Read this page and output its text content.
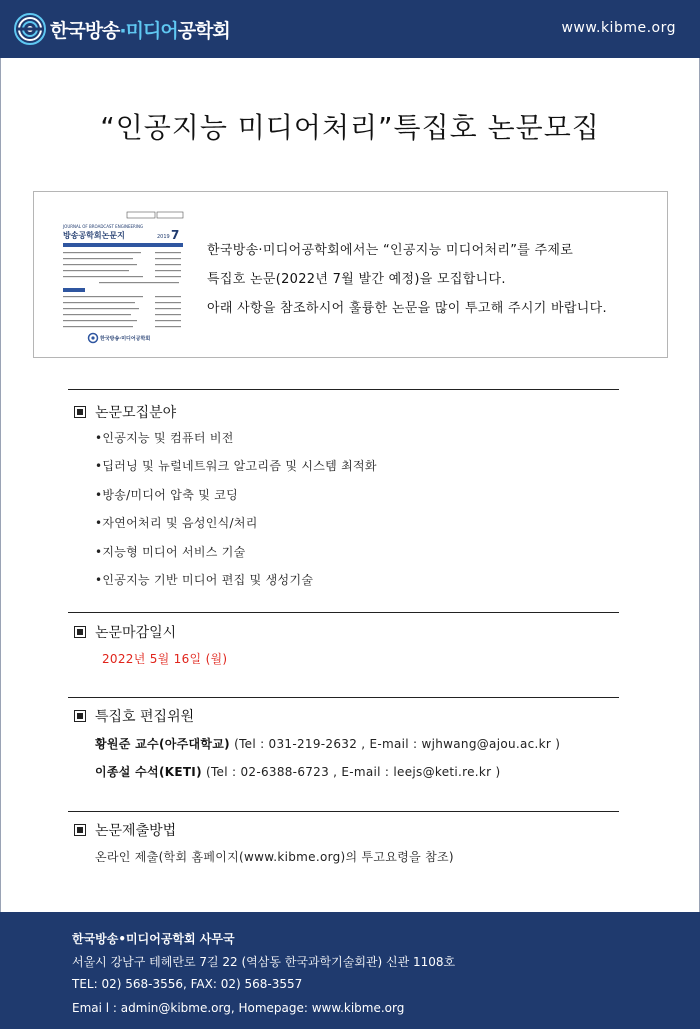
한국방송·미디어공학회	www.kibme.org
“인공지능 미디어처리”특집호 논문모집
JOURNAL OF BROADCAST ENGINEERING
방송공학회논문지	2019 7
한국방송·미디어공학회
한국방송·미디어공학회에서는 “인공지능 미디어처리”를 주제로
특집호 논문(2022년 7월 발간 예정)을 모집합니다.
아래 사항을 참조하시어 훌륭한 논문을 많이 투고해 주시기 바랍니다.
논문모집분야
•인공지능 및 컴퓨터 비전
•딥러닝 및 뉴럴네트워크 알고리즘 및 시스템 최적화
•방송/미디어 압축 및 코딩
•자연어처리 및 음성인식/처리
•지능형 미디어 서비스 기술
•인공지능 기반 미디어 편집 및 생성기술
논문마감일시
2022년 5월 16일 (월)
특집호 편집위원
황원준 교수(아주대학교) (Tel : 031-219-2632 , E-mail : wjhwang@ajou.ac.kr )
이종설 수석(KETI) (Tel : 02-6388-6723 , E-mail : leejs@keti.re.kr )
논문제출방법
온라인 제출(학회 홈페이지(www.kibme.org)의 투고요령을 참조)
한국방송•미디어공학회 사무국
서울시 강남구 테헤란로 7길 22 (역삼동 한국과학기술회관) 신관 1108호
TEL: 02) 568-3556, FAX: 02) 568-3557
Emai l : admin@kibme.org, Homepage: www.kibme.org
